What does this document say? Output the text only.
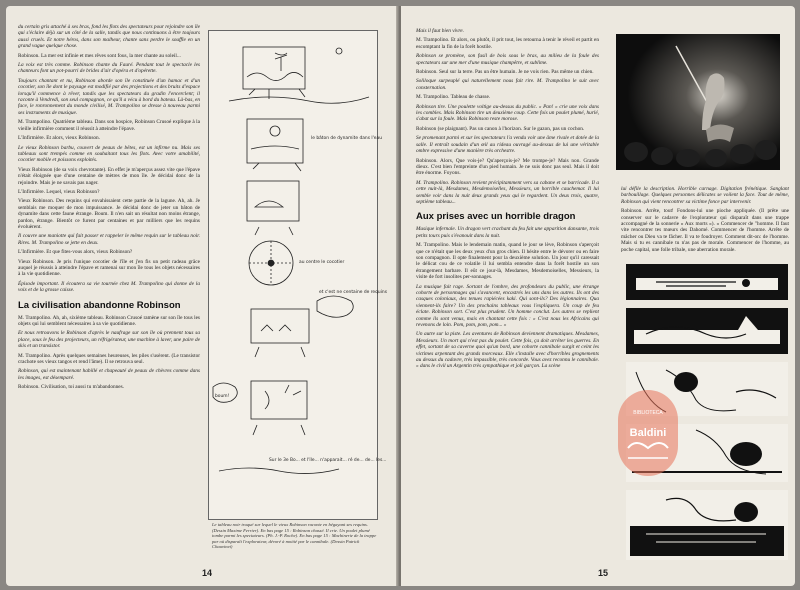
du certain gris attaché à ses bras, fond les flots des spectateurs pour rejoindre son île qui s'éclaire déjà sur un côté de la salle, tandis que nous continuons à être toujours aussi cruels. Et notre héros, dans son malheur, chante sans perdre le souffle en un grand vague quelque chose.

Robinson. La mer est infinie et mes rêves sont fous, la mer chante au soleil...

La voix est très comme. Robinson chante du Fauré. Pendant tout le spectacle les chanteurs font un pot-pourri de brides d'air d'opéra et d'opérette.

Toujours chantant et nu, Robinson aborde son île constituée d'un hamac et d'un cocotier, son île dont le paysage est modifié par des projections et des bruits d'espace lorsqu'il commence à rêver, tandis que les spectateurs du gradin l'encerclent; il raconte à Vendredi, son seul compagnon, ce qu'il a vécu à bord du bateau. Là-bas, en face, le ronronnement du monde civilisé, M. Trampolino se dresse à nouveau parmi ses instruments de musique.

M. Trampolino. Quatrième tableau. Dans son hospice, Robinson Crusoé explique à la vieille infirmière comment il réussit à atteindre l'épave.

L'Infirmière. Et alors, vieux Robinson.

Le vieux Robinson barbu, couvert de peaux de bêtes, est un infirme nu. Mais ses tableaux sont trempés comme en souhaitant tous les flots. Avec votre amabilité, cocotier mobile et poissons exploités.

Vieux Robinson (de sa voix chevrotante). En effet je m'aperçus assez vite que l'épave n'était éloignée que d'une centaine de mètres de mon île. Je décidai donc de la rejoindre. Mais je ne savais pas nager.

L'Infirmière. Lequel, vieux Robinson?

Vieux Robinson. Des requins qui envahissaient cette partie de la lagune. Ah, ah. Je semblais me moquer de mon impuissance. Je décidai donc de jeter un bâton de dynamite dans cette faune étrange. Boum. Il n'en sait un résultat non moins étrange, pardon, étrange. Bientôt ce furent par centaines et par milliers que les requins évoluèrent.

Il couvre une maniotte qui fait passer et rappeler le même requin sur le tableau noir. Rires. M. Trampolino se jette en deux.

L'Infirmière. Et que fites-vous alors, vieux Robinson?

Vieux Robinson. Je pris l'unique cocotier de l'île et j'en fis un petit radeau grâce auquel je réussis à atteindre l'épave et ramenai sur mon île tous les objets nécessaires à la vie quotidienne.

Épisode important. Il écoutera sa vie tournée chez M. Trampolino qui donne de la voix et de la grosse caisse.

La civilisation abandonne Robinson

M. Trampolino. Ah, ah, sixième tableau. Robinson Crusoé ramène sur son île tous les objets qui lui semblent nécessaires à sa vie quotidienne.

Et nous retrouvons le Robinson d'après le naufrage sur son île où prennent tous sa place, sous le feu des projecteurs, un réfrigérateur, une machine à laver, une paire de skis et un transistor.

M. Trampolino. Après quelques semaines heureuses, les piles s'usèrent. (Le transistor crachote ses vieux tangos et rend l'âme). Il se retrouva seul.

Robinson, qui est maintenant habillé et chapeauté de peaux de chèvres comme dans les images, est désemparé.

Robinson. Civilisation, toi aussi tu m'abandonnes.

14

Mais il faut bien vivre.

M. Trampolino. Et alors, ou plutôt, il prit tout, les retourna à tenir le réveil et partit en escomptant la fin de la forêt hostile.

Robinson se promène, son fusil de bois sous le bras, au milieu de la foule des spectateurs sur une mer d'une musique champêtre, et sublime.

Robinson. Seul sur la terre. Pas un être humain. Je ne vois rien. Pas même un chien.

Soliloque surpeuplé qui naturellement nous fait rire. M. Trampolino le suit avec consternation.

M. Trampolino. Tableau de chasse.

Robinson tire. Une poulette voltige au-dessus du public. « Pan! » crie une voix dans les combles. Mais Robinson tire un deuxième coup. Cette fois un poulet plumé, hurlé, s'abat sur la foule. Mais Robinson reste morose.

Robinson (se plaignant). Pas un canon à l'horizon. Sur le gazon, pas un cochon.

Se promenant parmi et sur les spectateurs l'a vendu voir une âme rivale et dotée de la salle. Il entraît soudain d'un œil au rideau ouvragé au-dessus de lui une véritable ombre expressive d'une manière très orchestre.

Robinson. Alors, Que vois-je? Qu'aperçois-je? Me trompe-je? Mais non. Grande dieux. C'est bien l'empreinte d'un pied humain. Je ne suis donc pas seul. Mais il doit être énorme. Foyons.

M. Trampolino. Robinson revient précipitamment vers sa cabane et se barricade. Il a cette nuit-là, Mesdames, Mesdemoiselles, Messieurs, un horrible cauchemar. Il lui semble voir dans la nuit deux grands yeux qui le regardent. Un deux trois, quatre, septième tableau...

Aux prises avec un horrible dragon

Musique infernale. Un dragon vert crachant du feu fait une apparition dansante, trois petits tours puis s'évanouit dans la nuit.

M. Trampolino. Mais le lendemain matin, quand le jour se lève, Robinson s'aperçoit que ce n'était que les deux yeux d'un gros chien. Il hésite entre le dévorer ou en faire son compagnon. Il opte finalement pour la deuxième solution. Un jour qu'il caressait le délicat cou de ce volatile il lui sembla entendre dans la forêt hostile un son étrangement barbare. Il eût ce jour-là, Mesdames, Mesdemoiselles, Messieurs, la visite de fort insolites per-sonnages.

La musique fait rage. Sortant de l'ombre, des profondeurs du public, une étrange cohorte de personnages qui s'avancent, encastrés les uns dans les autres. Ils ont des casques coloniaux, des tenues rapiécées kaki. Qui sont-ils? Des légionnaires. Qua viennent-ils faire? Un des prochains tableaux vous l'expliquera. Un coup de feu éclate. Robinson sort. C'est plus prudent. Un homme conclut. Les autres se replient comme ils sont venus, mais en chantant cette fois : « C'est nous les Africains qui revenons de loin. Pom, pom, pom, pom... »

Un autre sur la piste. Les aventures de Robinson deviennent dramatiques. Mesdames, Messieurs. Un mort qui n'est pas du poulet. Cette fois, ça doit arrêter les guerres. En effet, sortant de sa caverne quoi qu'un bord, une cohorte cannibale surgit et ceint les victimes arpentant des grands morceaux. Elle s'installe avec d'horribles grognements au dessus du cadavre, très impassible, très concorde. Vous avez reconnu le cannibale. » dans le civil un Argentin très sympathique et joli garçon. La scène

lui défile la description. Horrible carnage. Digitation frénétique. Sanglant barbouillage. Quelques personnes délicates se voilent la face. Tout de même, Robinson qui vient rencontrer sa victime fonce par intervenir.

Robinson. Arrête, tout! Fondons-lui une pioche appliquée. (Il prête une conserver sur le cadavre de l'explorateur qui disparaît dans une trappe accompagné de la sonnerie « Aux morts »). « Commencer de "homme. Il faut vite rencontrer tes mœurs des Dahomé. Commencer de l'homme. Arrête de mâcher ou Dieu va te fâcher. Il va te foudroyer. Comment dit-on: de l'homme. Mais si tu es cannibale tu n'as pas de morale. Commencer de l'homme, au poche capital, une folle tribale, une aberration morale.

15
le bâton de dynamite dans l'eau
au centre le cocotier
et c'est ne centaine de requins
boum!
Sur le 3e Bo... et l'île... n'apparait... ré de... de... les...
Le tableau noir truqué sur lequel le vieux Robinson raconte en bégayant ses requins. (Dessin Maxime Ferrier). En bas page 15 : Robinson chassé. Il crie. Un poulet plumé tombe parmi les spectateurs. (Ph. J.-P. Roche). En bas page 15 : Machinerie de la trappe par où disparaît l'explorateur, dévoré à moitié par le cannibale. (Dessin Patrick Chauvinet)
BIBLIOTECA
Baldini
